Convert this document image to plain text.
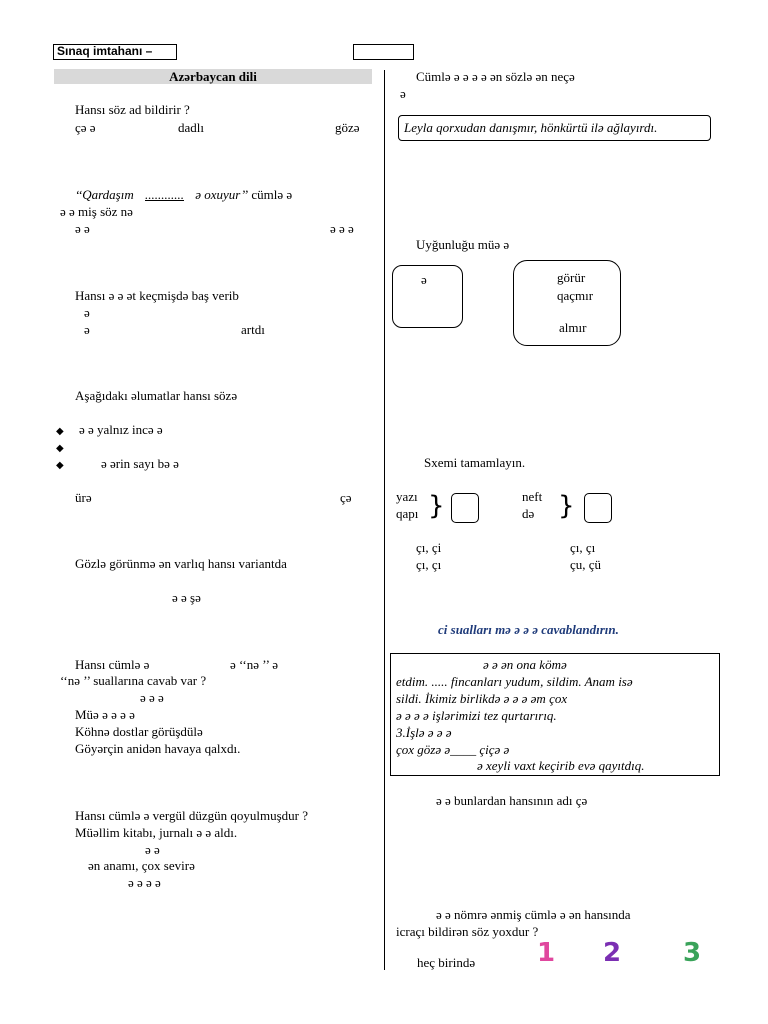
Sınaq imtahanı –
Azərbaycan dili
Hansı söz ad bildirir ?
çə ə	dadlı	gözə
‘‘Qardaşım ............ ə oxuyur’’ cümlə ə
ə ə miş söz nə
ə ə	ə ə ə
Hansı ə ə ət keçmişdə baş verib
ə
ə	artdı
Aşağıdakı əlumatlar hansı sözə
◆ ə ə yalnız incə ə
◆
◆	ə ərin sayı bə ə
ürə	çə
Gözlə görünmə ən varlıq hansı variantda
ə ə şə
Hansı cümlə ə	ə ‘‘nə ’’ ə
‘‘nə ’’ suallarına cavab var ?
ə ə ə
Müə ə ə ə ə
Köhnə dostlar görüşdülə
Göyərçin anidən havaya qalxdı.
Hansı cümlə ə vergül düzgün qoyulmuşdur ?
Müəllim kitabı, jurnalı ə ə aldı.
ə ə
ən anamı, çox sevirə
ə ə ə ə
Cümlə ə ə ə ə ən sözlə ən neçə
ə
Leyla qorxudan danışmır, hönkürtü ilə ağlayırdı.
Uyğunluğu müə ə
ə	görür
qaçmır
almır
Sxemi tamamlayın.
yazı
qapı }	neft
də }
çı, çi	çı, çı
çı, çı	çu, çü
ci sualları mə ə ə ə cavablandırın.
ə ə ən ona kömə
etdim. ..... fincanları yudum, sildim. Anam isə
sildi. İkimiz birlikdə ə ə ə əm çox
ə ə ə ə işlərimizi tez qurtarırıq.
3.İşlə ə ə ə
çox gözə ə____ çiçə ə
ə xeyli vaxt keçirib evə qayıtdıq.
ə ə bunlardan hansının adı çə
ə ə nömrə ənmiş cümlə ə ən hansında
icraçı bildirən söz yoxdur ?
heç birində 1 2 3
